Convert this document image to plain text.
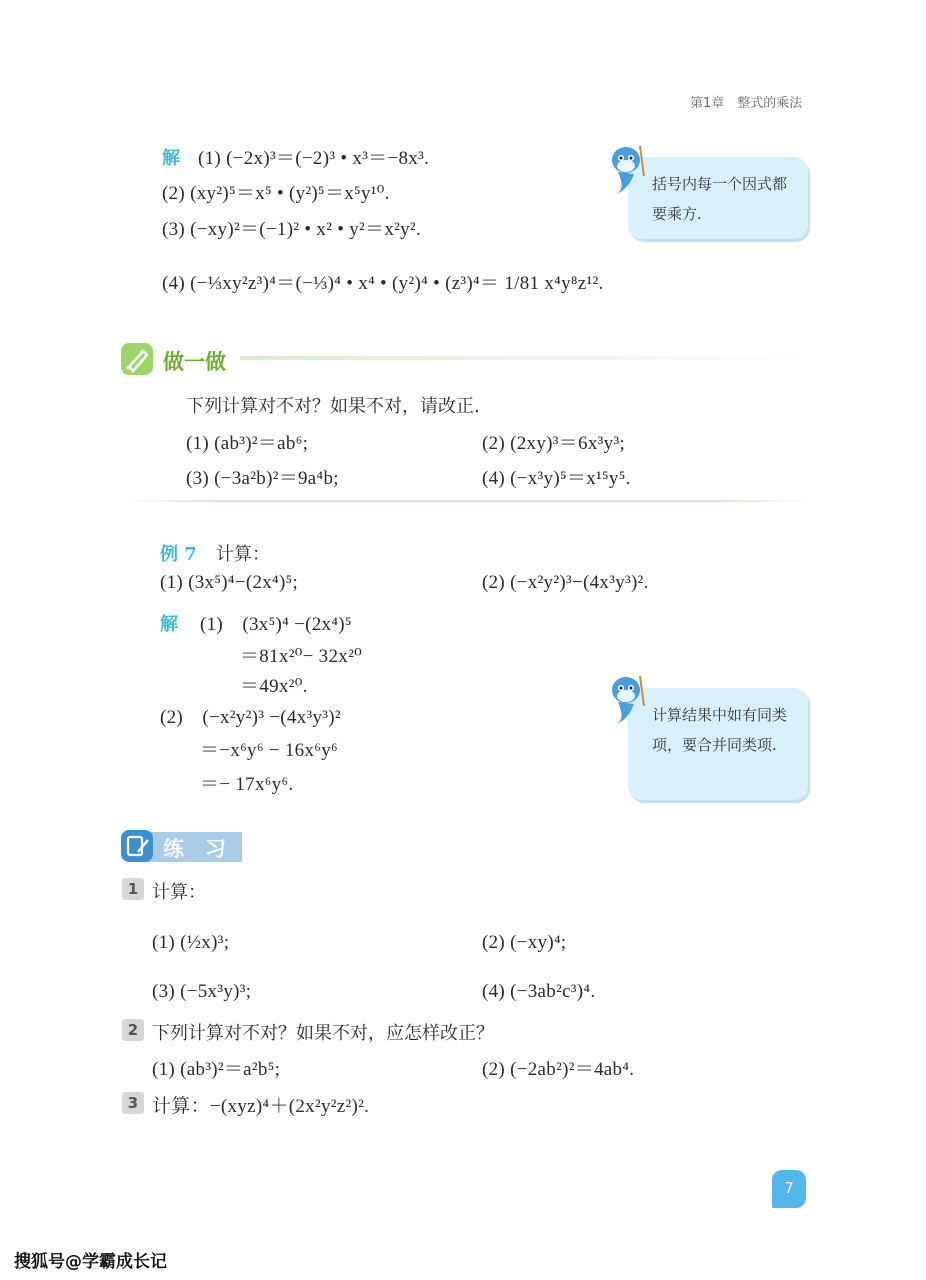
第1章　整式的乘法
解 (1) (−2x)³＝(−2)³ • x³＝−8x³.
(2) (xy²)⁵＝x⁵ • (y²)⁵＝x⁵y¹⁰.
(3) (−xy)²＝(−1)² • x² • y²＝x²y².
(4) (−⅓xy²z³)⁴＝(−⅓)⁴ • x⁴ • (y²)⁴ • (z³)⁴＝ 1/81 x⁴y⁸z¹².
括号内每一个因式都要乘方.
做一做
下列计算对不对？如果不对，请改正.
(1) (ab³)²＝ab⁶;	(2) (2xy)³＝6x³y³;
(3) (−3a²b)²＝9a⁴b;	(4) (−x³y)⁵＝x¹⁵y⁵.
例 7 计算：
(1) (3x⁵)⁴−(2x⁴)⁵;	(2) (−x²y²)³−(4x³y³)².
解 (1)　(3x⁵)⁴ −(2x⁴)⁵
＝81x²⁰− 32x²⁰
＝49x²⁰.
(2)　(−x²y²)³ −(4x³y³)²
＝−x⁶y⁶ − 16x⁶y⁶
＝− 17x⁶y⁶.
计算结果中如有同类项，要合并同类项.
练　习
1 计算：
(1) (½x)³;	(2) (−xy)⁴;
(3) (−5x³y)³;	(4) (−3ab²c³)⁴.
2 下列计算对不对？如果不对，应怎样改正？
(1) (ab³)²＝a²b⁵;	(2) (−2ab²)²＝4ab⁴.
3 计算：−(xyz)⁴＋(2x²y²z²)².
7
搜狐号@学霸成长记
